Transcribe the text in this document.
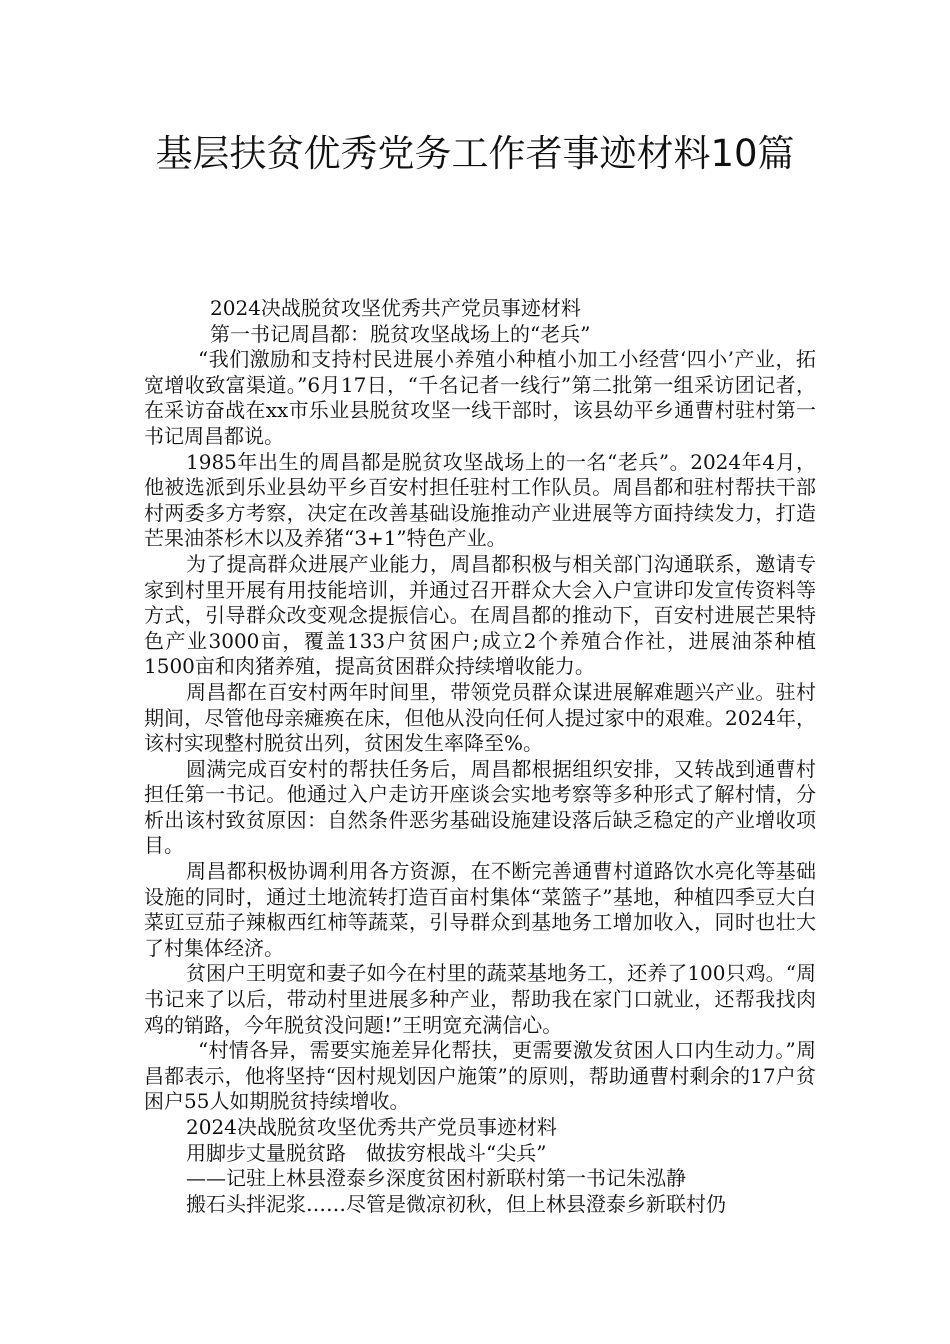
基层扶贫优秀党务工作者事迹材料10篇

2024决战脱贫攻坚优秀共产党员事迹材料

第一书记周昌都：脱贫攻坚战场上的“老兵”

“我们激励和支持村民进展小养殖小种植小加工小经营‘四小’产业，拓宽增收致富渠道。”6月17日，“千名记者一线行”第二批第一组采访团记者，在采访奋战在xx市乐业县脱贫攻坚一线干部时，该县幼平乡通曹村驻村第一书记周昌都说。

1985年出生的周昌都是脱贫攻坚战场上的一名“老兵”。2024年4月，他被选派到乐业县幼平乡百安村担任驻村工作队员。周昌都和驻村帮扶干部村两委多方考察，决定在改善基础设施推动产业进展等方面持续发力，打造芒果油茶杉木以及养猪“3+1”特色产业。

为了提高群众进展产业能力，周昌都积极与相关部门沟通联系，邀请专家到村里开展有用技能培训，并通过召开群众大会入户宣讲印发宣传资料等方式，引导群众改变观念提振信心。在周昌都的推动下，百安村进展芒果特色产业3000亩，覆盖133户贫困户;成立2个养殖合作社，进展油茶种植1500亩和肉猪养殖，提高贫困群众持续增收能力。

周昌都在百安村两年时间里，带领党员群众谋进展解难题兴产业。驻村期间，尽管他母亲瘫痪在床，但他从没向任何人提过家中的艰难。2024年，该村实现整村脱贫出列，贫困发生率降至%。

圆满完成百安村的帮扶任务后，周昌都根据组织安排，又转战到通曹村担任第一书记。他通过入户走访开座谈会实地考察等多种形式了解村情，分析出该村致贫原因：自然条件恶劣基础设施建设落后缺乏稳定的产业增收项目。

周昌都积极协调利用各方资源，在不断完善通曹村道路饮水亮化等基础设施的同时，通过土地流转打造百亩村集体“菜篮子”基地，种植四季豆大白菜豇豆茄子辣椒西红柿等蔬菜，引导群众到基地务工增加收入，同时也壮大了村集体经济。

贫困户王明宽和妻子如今在村里的蔬菜基地务工，还养了100只鸡。“周书记来了以后，带动村里进展多种产业，帮助我在家门口就业，还帮我找肉鸡的销路，今年脱贫没问题!”王明宽充满信心。

“村情各异，需要实施差异化帮扶，更需要激发贫困人口内生动力。”周昌都表示，他将坚持“因村规划因户施策”的原则，帮助通曹村剩余的17户贫困户55人如期脱贫持续增收。

2024决战脱贫攻坚优秀共产党员事迹材料

用脚步丈量脱贫路　做拔穷根战斗“尖兵”

——记驻上林县澄泰乡深度贫困村新联村第一书记朱泓静

搬石头拌泥浆……尽管是微凉初秋，但上林县澄泰乡新联村仍
